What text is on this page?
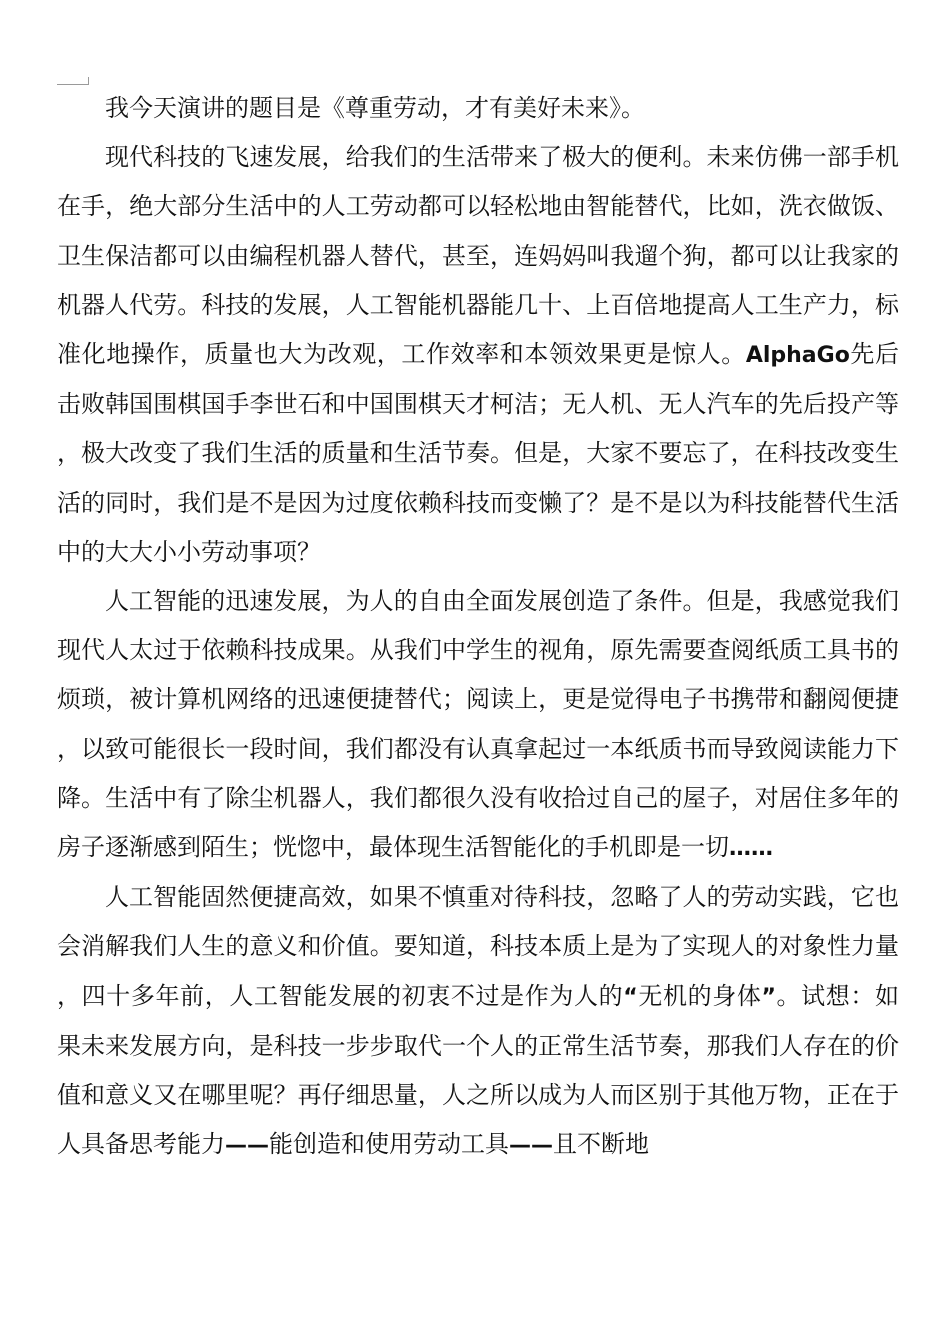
我今天演讲的题目是《尊重劳动，才有美好未来》。

现代科技的飞速发展，给我们的生活带来了极大的便利。未来仿佛一部手机在手，绝大部分生活中的人工劳动都可以轻松地由智能替代，比如，洗衣做饭、卫生保洁都可以由编程机器人替代，甚至，连妈妈叫我遛个狗，都可以让我家的机器人代劳。科技的发展，人工智能机器能几十、上百倍地提高人工生产力，标准化地操作，质量也大为改观，工作效率和本领效果更是惊人。AlphaGo先后击败韩国围棋国手李世石和中国围棋天才柯洁；无人机、无人汽车的先后投产等，极大改变了我们生活的质量和生活节奏。但是，大家不要忘了，在科技改变生活的同时，我们是不是因为过度依赖科技而变懒了？是不是以为科技能替代生活中的大大小小劳动事项？

人工智能的迅速发展，为人的自由全面发展创造了条件。但是，我感觉我们现代人太过于依赖科技成果。从我们中学生的视角，原先需要查阅纸质工具书的烦琐，被计算机网络的迅速便捷替代；阅读上，更是觉得电子书携带和翻阅便捷，以致可能很长一段时间，我们都没有认真拿起过一本纸质书而导致阅读能力下降。生活中有了除尘机器人，我们都很久没有收拾过自己的屋子，对居住多年的房子逐渐感到陌生；恍惚中，最体现生活智能化的手机即是一切……

人工智能固然便捷高效，如果不慎重对待科技，忽略了人的劳动实践，它也会消解我们人生的意义和价值。要知道，科技本质上是为了实现人的对象性力量，四十多年前，人工智能发展的初衷不过是作为人的“无机的身体”。试想：如果未来发展方向，是科技一步步取代一个人的正常生活节奏，那我们人存在的价值和意义又在哪里呢？再仔细思量，人之所以成为人而区别于其他万物，正在于人具备思考能力——能创造和使用劳动工具——且不断地
